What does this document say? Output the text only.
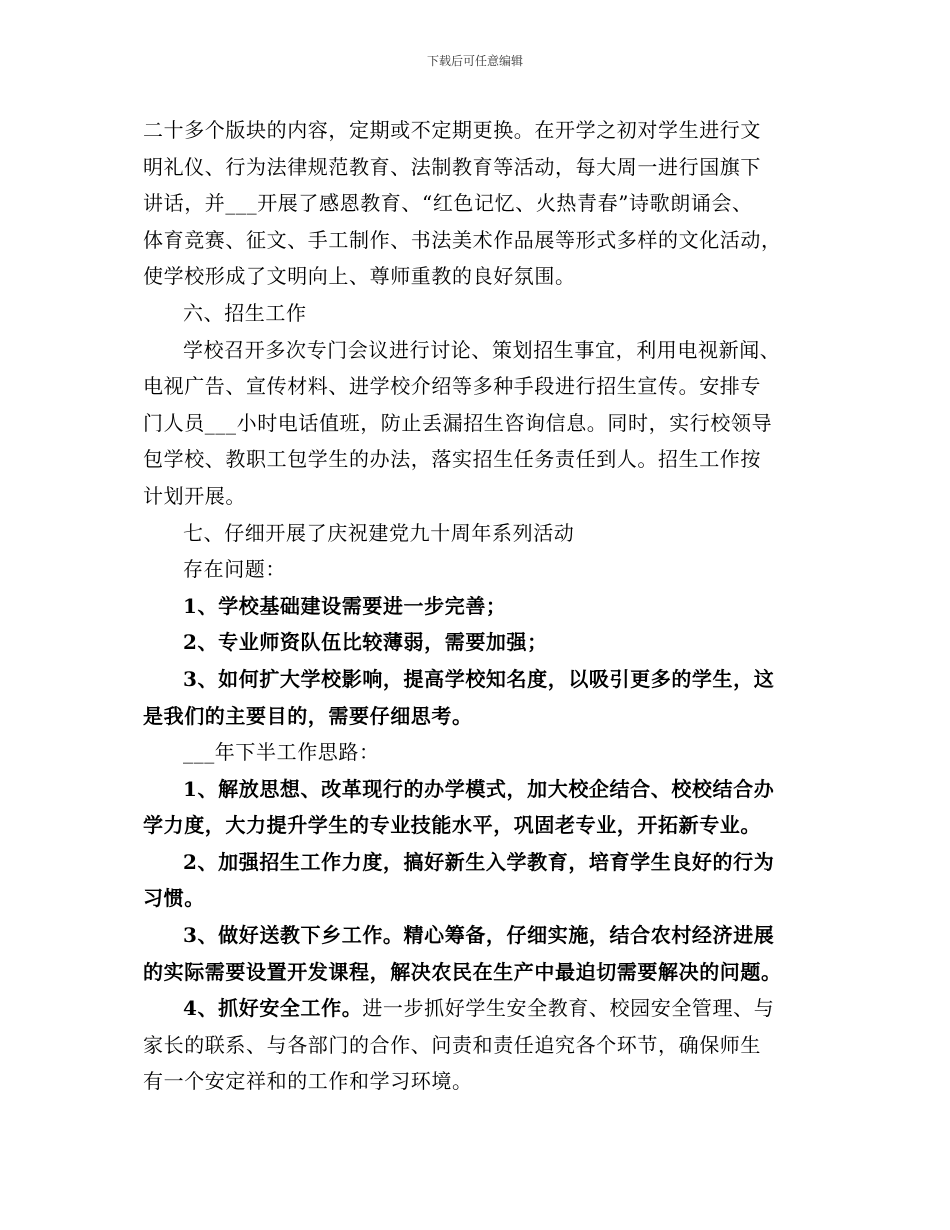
下载后可任意编辑
二十多个版块的内容，定期或不定期更换。在开学之初对学生进行文
明礼仪、行为法律规范教育、法制教育等活动，每大周一进行国旗下
讲话，并___开展了感恩教育、“红色记忆、火热青春”诗歌朗诵会、
体育竞赛、征文、手工制作、书法美术作品展等形式多样的文化活动，
使学校形成了文明向上、尊师重教的良好氛围。
六、招生工作
学校召开多次专门会议进行讨论、策划招生事宜，利用电视新闻、
电视广告、宣传材料、进学校介绍等多种手段进行招生宣传。安排专
门人员___小时电话值班，防止丢漏招生咨询信息。同时，实行校领导
包学校、教职工包学生的办法，落实招生任务责任到人。招生工作按
计划开展。
七、仔细开展了庆祝建党九十周年系列活动
存在问题：
1、学校基础建设需要进一步完善；
2、专业师资队伍比较薄弱，需要加强；
3、如何扩大学校影响，提高学校知名度，以吸引更多的学生，这
是我们的主要目的，需要仔细思考。
___年下半工作思路：
1、解放思想、改革现行的办学模式，加大校企结合、校校结合办
学力度，大力提升学生的专业技能水平，巩固老专业，开拓新专业。
2、加强招生工作力度，搞好新生入学教育，培育学生良好的行为
习惯。
3、做好送教下乡工作。精心筹备，仔细实施，结合农村经济进展
的实际需要设置开发课程，解决农民在生产中最迫切需要解决的问题。
4、抓好安全工作。进一步抓好学生安全教育、校园安全管理、与
家长的联系、与各部门的合作、问责和责任追究各个环节，确保师生
有一个安定祥和的工作和学习环境。
